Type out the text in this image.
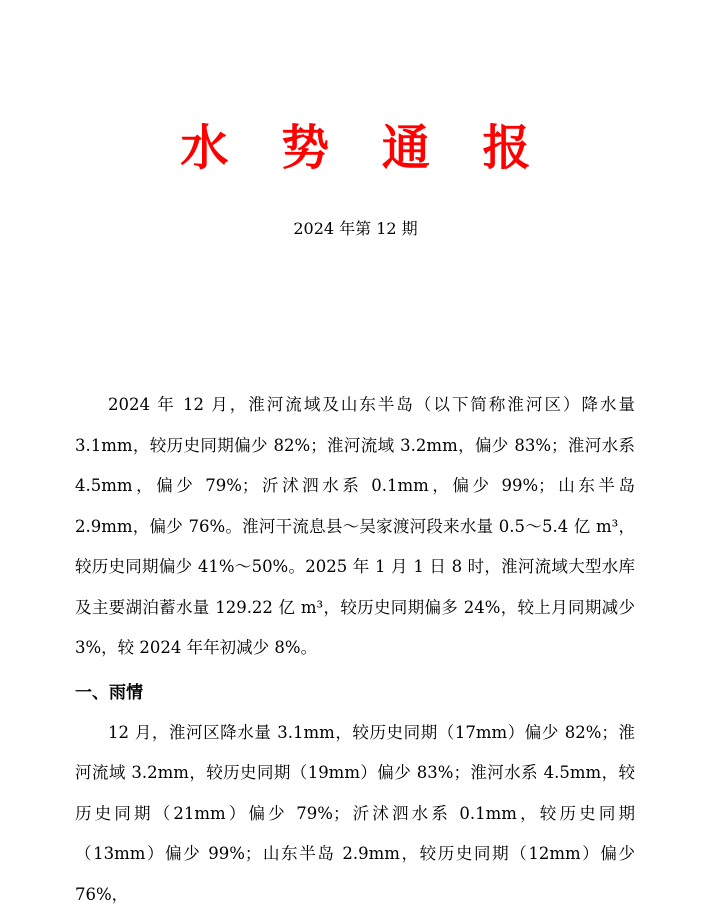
水 势 通 报
2024 年第 12 期

2024 年 12 月，淮河流域及山东半岛（以下简称淮河区）降水量 3.1mm，较历史同期偏少 82%；淮河流域 3.2mm，偏少 83%；淮河水系 4.5mm，偏少 79%；沂沭泗水系 0.1mm，偏少 99%；山东半岛 2.9mm，偏少 76%。淮河干流息县～吴家渡河段来水量 0.5～5.4 亿 m³，较历史同期偏少 41%～50%。2025 年 1 月 1 日 8 时，淮河流域大型水库及主要湖泊蓄水量 129.22 亿 m³，较历史同期偏多 24%，较上月同期减少 3%，较 2024 年年初减少 8%。

一、雨情

12 月，淮河区降水量 3.1mm，较历史同期（17mm）偏少 82%；淮河流域 3.2mm，较历史同期（19mm）偏少 83%；淮河水系 4.5mm，较历史同期（21mm）偏少 79%；沂沭泗水系 0.1mm，较历史同期（13mm）偏少 99%；山东半岛 2.9mm，较历史同期（12mm）偏少 76%，
